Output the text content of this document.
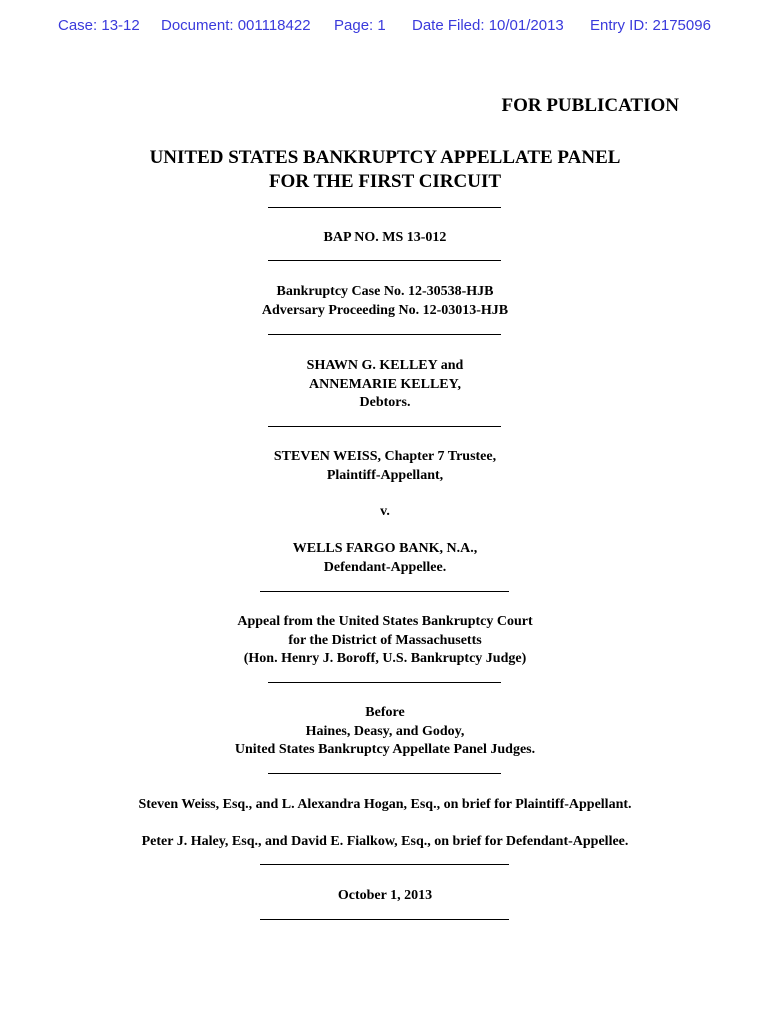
Case: 13-12 Document: 001118422 Page: 1 Date Filed: 10/01/2013 Entry ID: 2175096
FOR PUBLICATION
UNITED STATES BANKRUPTCY APPELLATE PANEL
FOR THE FIRST CIRCUIT
BAP NO. MS 13-012
Bankruptcy Case No. 12-30538-HJB
Adversary Proceeding No. 12-03013-HJB
SHAWN G. KELLEY and
ANNEMARIE KELLEY,
Debtors.
STEVEN WEISS, Chapter 7 Trustee,
Plaintiff-Appellant,
v.
WELLS FARGO BANK, N.A.,
Defendant-Appellee.
Appeal from the United States Bankruptcy Court
for the District of Massachusetts
(Hon. Henry J. Boroff, U.S. Bankruptcy Judge)
Before
Haines, Deasy, and Godoy,
United States Bankruptcy Appellate Panel Judges.
Steven Weiss, Esq., and L. Alexandra Hogan, Esq., on brief for Plaintiff-Appellant.
Peter J. Haley, Esq., and David E. Fialkow, Esq., on brief for Defendant-Appellee.
October 1, 2013
